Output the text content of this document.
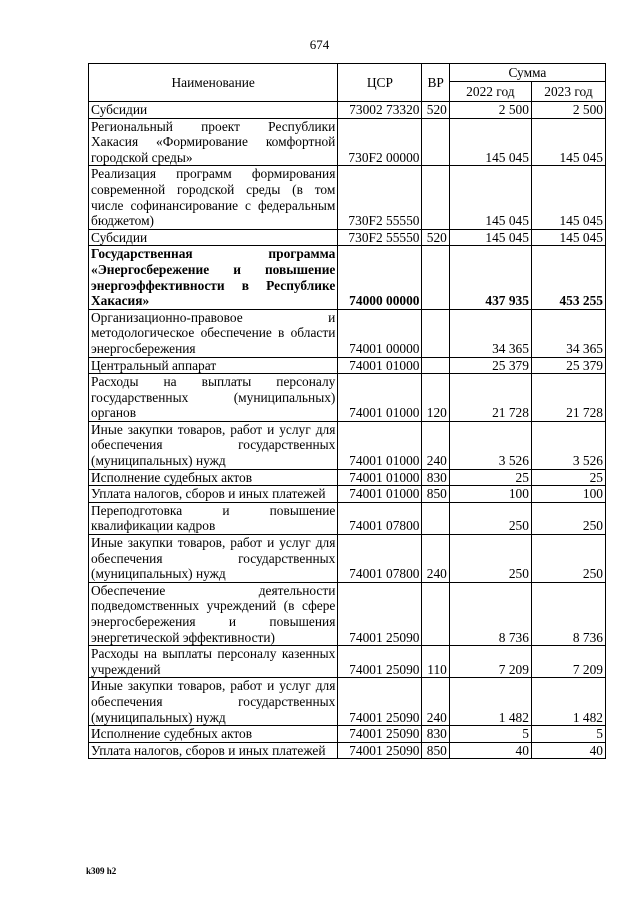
674
Наименование	ЦСР	ВР	Сумма	
			2022 год	2023 год
Субсидии	73002 73320	520	2 500	2 500
Региональный проект Республики Хакасия «Формирование комфортной городской среды»	730F2 00000		145 045	145 045
Реализация программ формирования современной городской среды (в том числе софинансирование с федеральным бюджетом)	730F2 55550		145 045	145 045
Субсидии	730F2 55550	520	145 045	145 045
Государственная программа «Энергосбережение и повышение энергоэффективности в Республике Хакасия»	74000 00000		437 935	453 255
Организационно-правовое и методологическое обеспечение в области энергосбережения	74001 00000		34 365	34 365
Центральный аппарат	74001 01000		25 379	25 379
Расходы на выплаты персоналу государственных (муниципальных) органов	74001 01000	120	21 728	21 728
Иные закупки товаров, работ и услуг для обеспечения государственных (муниципальных) нужд	74001 01000	240	3 526	3 526
Исполнение судебных актов	74001 01000	830	25	25
Уплата налогов, сборов и иных платежей	74001 01000	850	100	100
Переподготовка и повышение квалификации кадров	74001 07800		250	250
Иные закупки товаров, работ и услуг для обеспечения государственных (муниципальных) нужд	74001 07800	240	250	250
Обеспечение деятельности подведомственных учреждений (в сфере энергосбережения и повышения энергетической эффективности)	74001 25090		8 736	8 736
Расходы на выплаты персоналу казенных учреждений	74001 25090	110	7 209	7 209
Иные закупки товаров, работ и услуг для обеспечения государственных (муниципальных) нужд	74001 25090	240	1 482	1 482
Исполнение судебных актов	74001 25090	830	5	5
Уплата налогов, сборов и иных платежей	74001 25090	850	40	40
k309 h2
